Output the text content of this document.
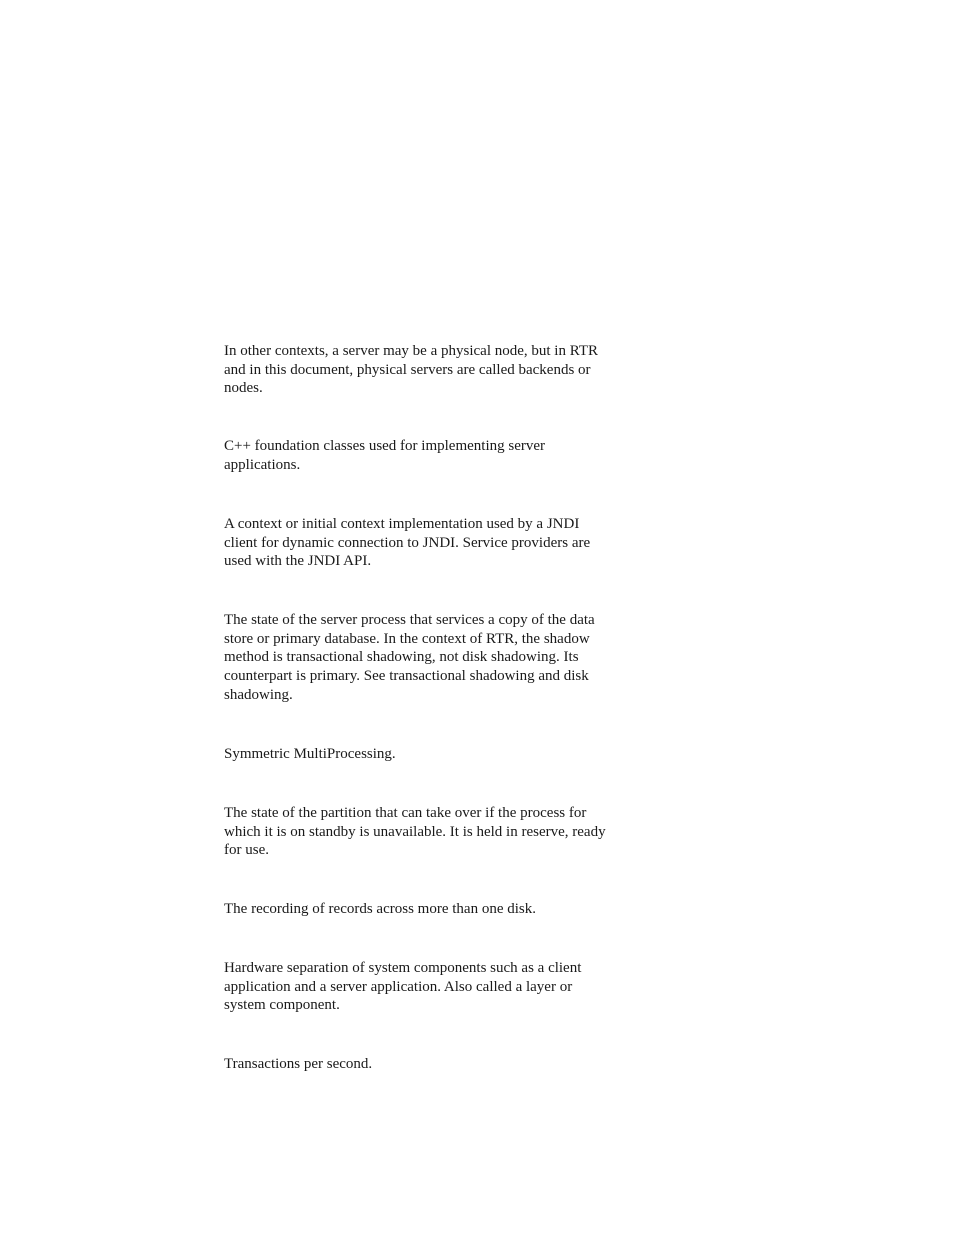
In other contexts, a server may be a physical node, but in RTR
and in this document, physical servers are called backends or
nodes.

C++ foundation classes used for implementing server
applications.

A context or initial context implementation used by a JNDI
client for dynamic connection to JNDI. Service providers are
used with the JNDI API.

The state of the server process that services a copy of the data
store or primary database. In the context of RTR, the shadow
method is transactional shadowing, not disk shadowing. Its
counterpart is primary. See transactional shadowing and disk
shadowing.

Symmetric MultiProcessing.

The state of the partition that can take over if the process for
which it is on standby is unavailable. It is held in reserve, ready
for use.

The recording of records across more than one disk.

Hardware separation of system components such as a client
application and a server application. Also called a layer or
system component.

Transactions per second.
